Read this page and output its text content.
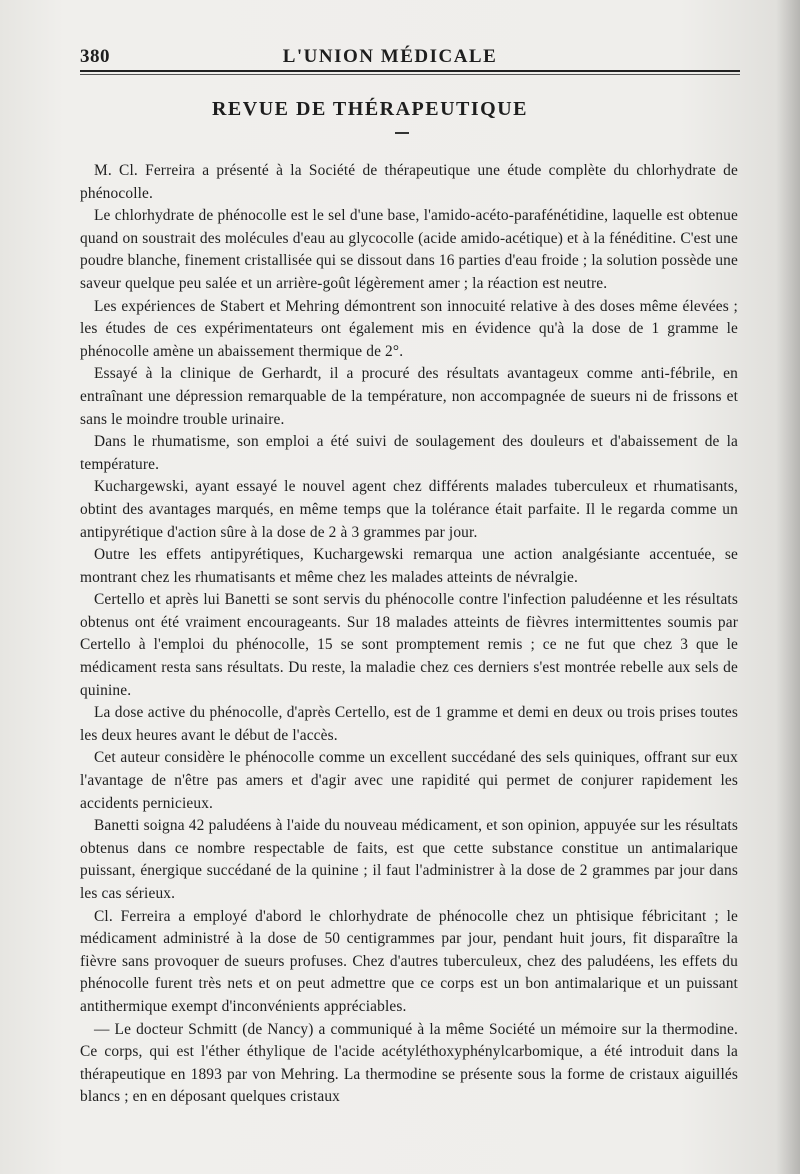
380	L'UNION MÉDICALE
REVUE DE THÉRAPEUTIQUE

M. Cl. Ferreira a présenté à la Société de thérapeutique une étude complète du chlorhydrate de phénocolle.

Le chlorhydrate de phénocolle est le sel d'une base, l'amido-acéto-parafénétidine, laquelle est obtenue quand on soustrait des molécules d'eau au glycocolle (acide amido-acétique) et à la fénéditine. C'est une poudre blanche, finement cristallisée qui se dissout dans 16 parties d'eau froide ; la solution possède une saveur quelque peu salée et un arrière-goût légèrement amer ; la réaction est neutre.

Les expériences de Stabert et Mehring démontrent son innocuité relative à des doses même élevées ; les études de ces expérimentateurs ont également mis en évidence qu'à la dose de 1 gramme le phénocolle amène un abaissement thermique de 2°.

Essayé à la clinique de Gerhardt, il a procuré des résultats avantageux comme anti-fébrile, en entraînant une dépression remarquable de la température, non accompagnée de sueurs ni de frissons et sans le moindre trouble urinaire.

Dans le rhumatisme, son emploi a été suivi de soulagement des douleurs et d'abaissement de la température.

Kuchargewski, ayant essayé le nouvel agent chez différents malades tuberculeux et rhumatisants, obtint des avantages marqués, en même temps que la tolérance était parfaite. Il le regarda comme un antipyrétique d'action sûre à la dose de 2 à 3 grammes par jour.

Outre les effets antipyrétiques, Kuchargewski remarqua une action analgésiante accentuée, se montrant chez les rhumatisants et même chez les malades atteints de névralgie.

Certello et après lui Banetti se sont servis du phénocolle contre l'infection paludéenne et les résultats obtenus ont été vraiment encourageants. Sur 18 malades atteints de fièvres intermittentes soumis par Certello à l'emploi du phénocolle, 15 se sont promptement remis ; ce ne fut que chez 3 que le médicament resta sans résultats. Du reste, la maladie chez ces derniers s'est montrée rebelle aux sels de quinine.

La dose active du phénocolle, d'après Certello, est de 1 gramme et demi en deux ou trois prises toutes les deux heures avant le début de l'accès.

Cet auteur considère le phénocolle comme un excellent succédané des sels quiniques, offrant sur eux l'avantage de n'être pas amers et d'agir avec une rapidité qui permet de conjurer rapidement les accidents pernicieux.

Banetti soigna 42 paludéens à l'aide du nouveau médicament, et son opinion, appuyée sur les résultats obtenus dans ce nombre respectable de faits, est que cette substance constitue un antimalarique puissant, énergique succédané de la quinine ; il faut l'administrer à la dose de 2 grammes par jour dans les cas sérieux.

Cl. Ferreira a employé d'abord le chlorhydrate de phénocolle chez un phtisique fébricitant ; le médicament administré à la dose de 50 centigrammes par jour, pendant huit jours, fit disparaître la fièvre sans provoquer de sueurs profuses. Chez d'autres tuberculeux, chez des paludéens, les effets du phénocolle furent très nets et on peut admettre que ce corps est un bon antimalarique et un puissant antithermique exempt d'inconvénients appréciables.

— Le docteur Schmitt (de Nancy) a communiqué à la même Société un mémoire sur la thermodine. Ce corps, qui est l'éther éthylique de l'acide acétyléthoxyphénylcarbomique, a été introduit dans la thérapeutique en 1893 par von Mehring. La thermodine se présente sous la forme de cristaux aiguillés blancs ; en en déposant quelques cristaux
